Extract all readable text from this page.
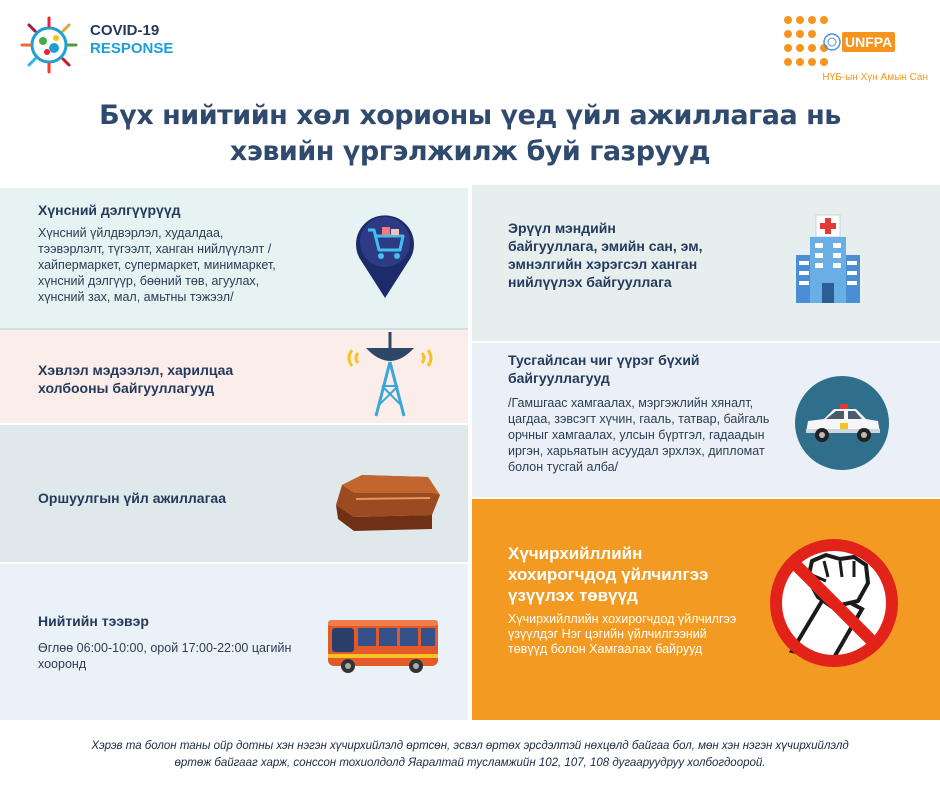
COVID-19
RESPONSE	UNFPA
НҮБ-ын Хүн Амын Сан
Бүх нийтийн хөл хорионы үед үйл ажиллагаа нь
хэвийн үргэлжилж буй газрууд
Хүнсний дэлгүүрүүд

Хүнсний үйлдвэрлэл, худалдаа, тээвэрлэлт, түгээлт, ханган нийлүүлэлт /хайпермаркет, супермаркет, минимаркет, хүнсний дэлгүүр, бөөний төв, агуулах, хүнсний зах, мал, амьтны тэжээл/

Хэвлэл мэдээлэл, харилцаа холбооны байгууллагууд
Оршуулгын үйл ажиллагаа
Нийтийн тээвэр

Өглөө 06:00-10:00, орой 17:00-22:00 цагийн хооронд

Эрүүл мэндийн байгууллага, эмийн сан, эм, эмнэлгийн хэрэгсэл ханган нийлүүлэх байгууллага
Тусгайлсан чиг үүрэг бүхий байгууллагууд

/Гамшгаас хамгаалах, мэргэжлийн хяналт, цагдаа, зэвсэгт хүчин, гааль, татвар, байгаль орчныг хамгаалах, улсын бүртгэл, гадаадын иргэн, харьяатын асуудал эрхлэх, дипломат болон тусгай алба/

Хүчирхийллийн хохирогчдод үйлчилгээ үзүүлэх төвүүд

Хүчирхийллийн хохирогчдод үйлчилгээ үзүүлдэг Нэг цэгийн үйлчилгээний төвүүд болон Хамгаалах байрууд

Хэрэв та болон таны ойр дотны хэн нэгэн хүчирхийлэлд өртсөн, эсвэл өртөх эрсдэлтэй нөхцөлд байгаа бол, мөн хэн нэгэн хүчирхийлэлд
өртөж байгааг харж, сонссон тохиолдолд Яаралтай тусламжийн 102, 107, 108 дугааруудруу холбогдоорой.
